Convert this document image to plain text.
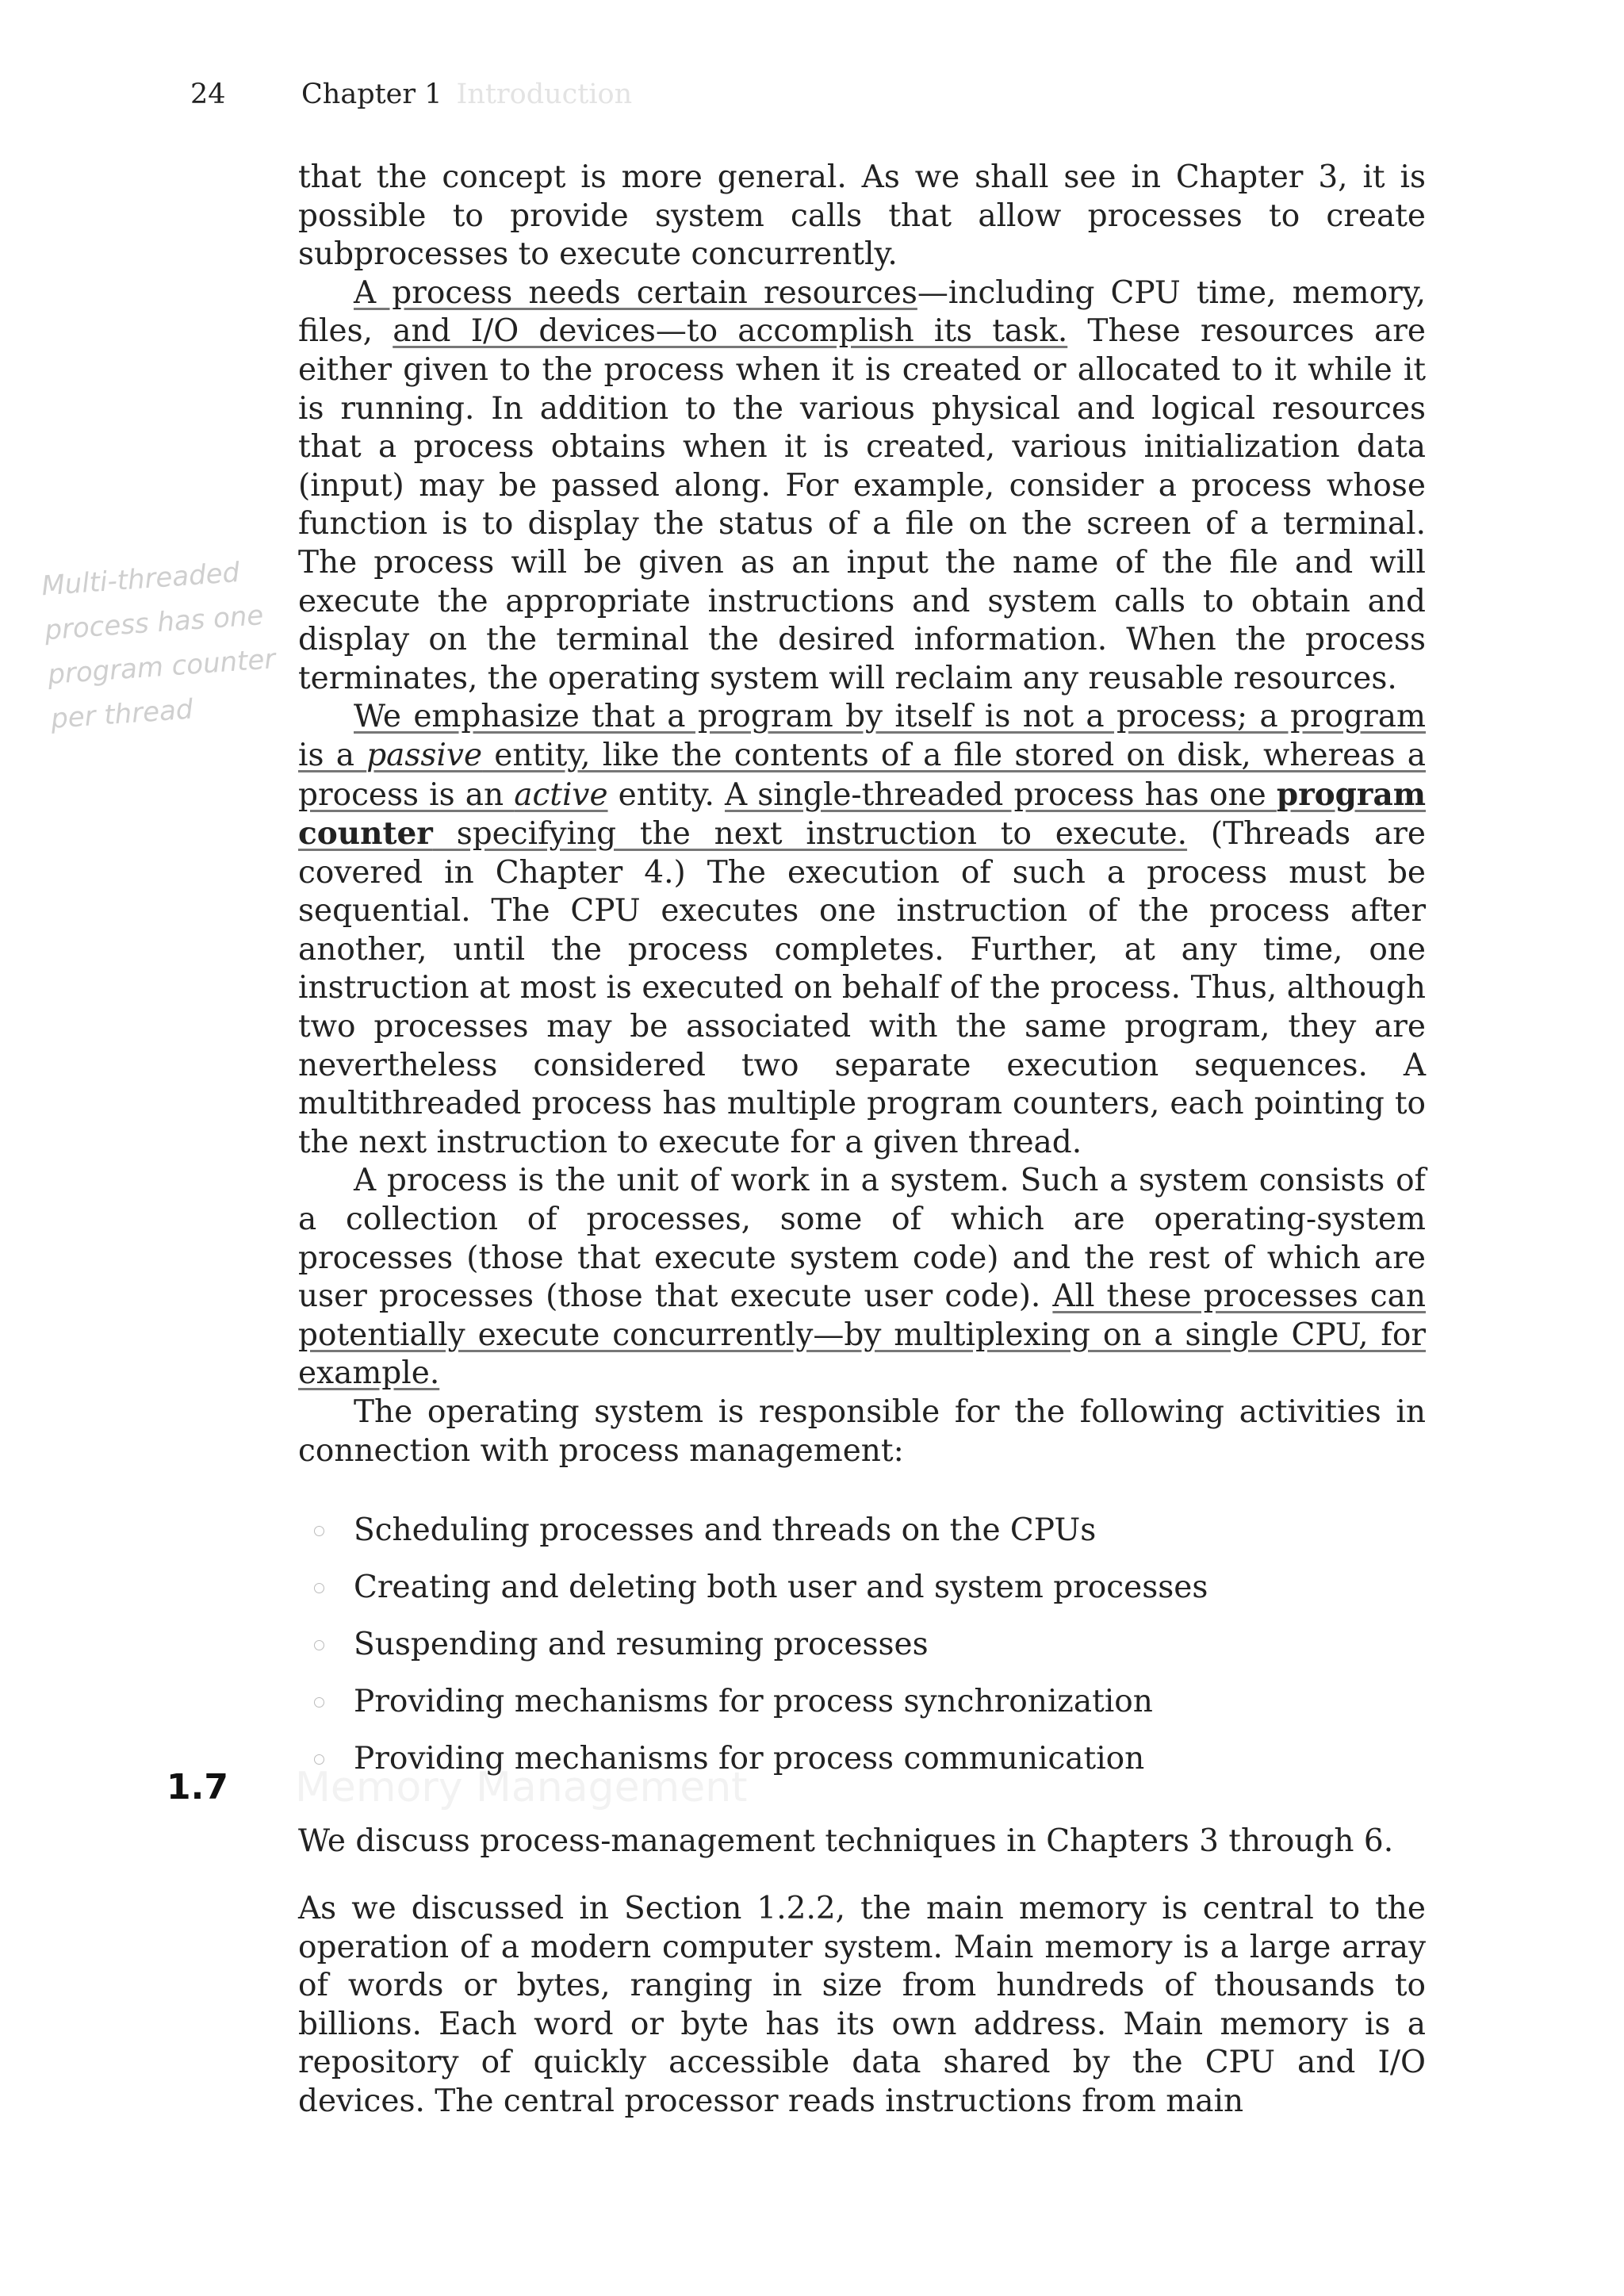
24	Chapter 1 Introduction
Multi-threaded
process has one
program counter
per thread

that the concept is more general. As we shall see in Chapter 3, it is possible to provide system calls that allow processes to create subprocesses to execute concurrently.

A process needs certain resources—including CPU time, memory, files, and I/O devices—to accomplish its task. These resources are either given to the process when it is created or allocated to it while it is running. In addition to the various physical and logical resources that a process obtains when it is created, various initialization data (input) may be passed along. For example, consider a process whose function is to display the status of a file on the screen of a terminal. The process will be given as an input the name of the file and will execute the appropriate instructions and system calls to obtain and display on the terminal the desired information. When the process terminates, the operating system will reclaim any reusable resources.

We emphasize that a program by itself is not a process; a program is a passive entity, like the contents of a file stored on disk, whereas a process is an active entity. A single-threaded process has one program counter specifying the next instruction to execute. (Threads are covered in Chapter 4.) The execution of such a process must be sequential. The CPU executes one instruction of the process after another, until the process completes. Further, at any time, one instruction at most is executed on behalf of the process. Thus, although two processes may be associated with the same program, they are nevertheless considered two separate execution sequences. A multithreaded process has multiple program counters, each pointing to the next instruction to execute for a given thread.

A process is the unit of work in a system. Such a system consists of a collection of processes, some of which are operating-system processes (those that execute system code) and the rest of which are user processes (those that execute user code). All these processes can potentially execute concurrently—by multiplexing on a single CPU, for example.

The operating system is responsible for the following activities in connection with process management:

Scheduling processes and threads on the CPUs
Creating and deleting both user and system processes
Suspending and resuming processes
Providing mechanisms for process synchronization
Providing mechanisms for process communication

We discuss process-management techniques in Chapters 3 through 6.

1.7 Memory Management

As we discussed in Section 1.2.2, the main memory is central to the operation of a modern computer system. Main memory is a large array of words or bytes, ranging in size from hundreds of thousands to billions. Each word or byte has its own address. Main memory is a repository of quickly accessible data shared by the CPU and I/O devices. The central processor reads instructions from main
